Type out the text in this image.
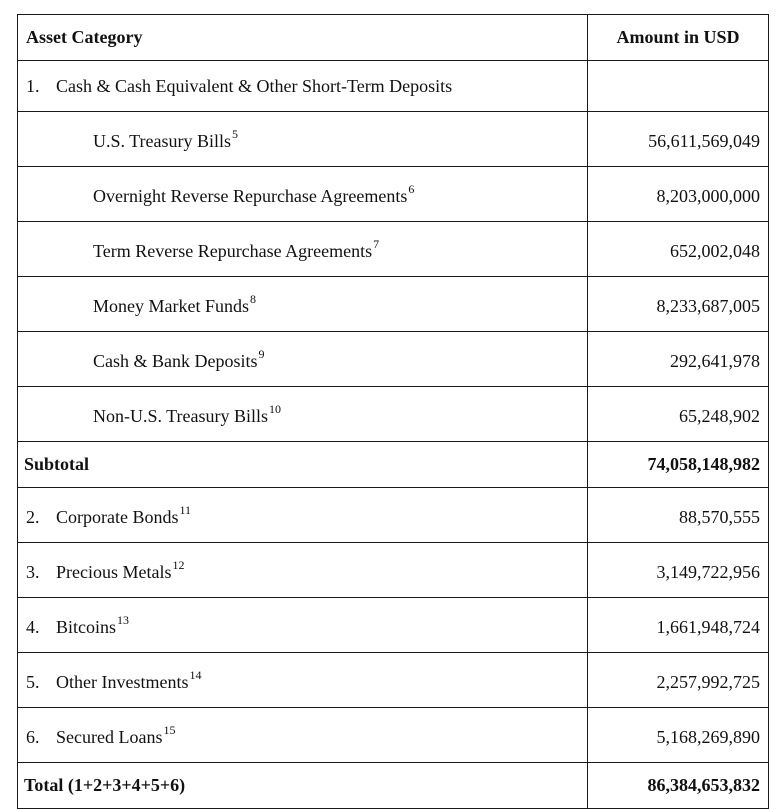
Asset Category	Amount in USD
1. Cash & Cash Equivalent & Other Short-Term Deposits	
U.S. Treasury Bills$^5$	56,611,569,049
Overnight Reverse Repurchase Agreements$^6$	8,203,000,000
Term Reverse Repurchase Agreements$^7$	652,002,048
Money Market Funds$^8$	8,233,687,005
Cash & Bank Deposits$^9$	292,641,978
Non-U.S. Treasury Bills$^{10}$	65,248,902
Subtotal	74,058,148,982
2. Corporate Bonds$^{11}$	88,570,555
3. Precious Metals$^{12}$	3,149,722,956
4. Bitcoins$^{13}$	1,661,948,724
5. Other Investments$^{14}$	2,257,992,725
6. Secured Loans$^{15}$	5,168,269,890
Total (1+2+3+4+5+6)	86,384,653,832
